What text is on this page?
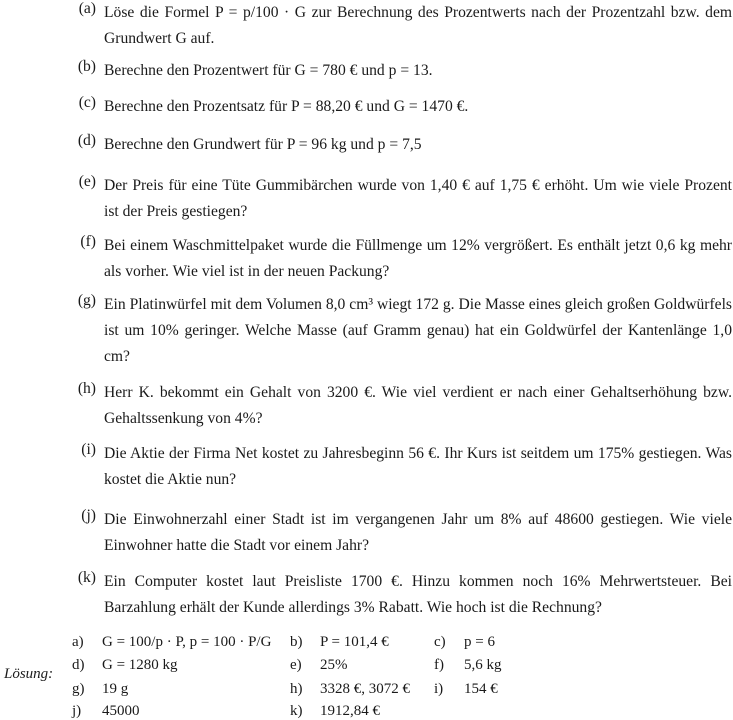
(a) Löse die Formel P = p/100 · G zur Berechnung des Prozentwerts nach der Prozentzahl bzw. dem Grundwert G auf.
(b) Berechne den Prozentwert für G = 780 € und p = 13.
(c) Berechne den Prozentsatz für P = 88,20 € und G = 1470 €.
(d) Berechne den Grundwert für P = 96 kg und p = 7,5
(e) Der Preis für eine Tüte Gummibärchen wurde von 1,40 € auf 1,75 € erhöht. Um wie viele Prozent ist der Preis gestiegen?
(f) Bei einem Waschmittelpaket wurde die Füllmenge um 12% vergrößert. Es enthält jetzt 0,6 kg mehr als vorher. Wie viel ist in der neuen Packung?
(g) Ein Platinwürfel mit dem Volumen 8,0 cm³ wiegt 172 g. Die Masse eines gleich großen Goldwürfels ist um 10% geringer. Welche Masse (auf Gramm genau) hat ein Goldwürfel der Kantenlänge 1,0 cm?
(h) Herr K. bekommt ein Gehalt von 3200 €. Wie viel verdient er nach einer Gehaltserhöhung bzw. Gehaltssenkung von 4%?
(i) Die Aktie der Firma Net kostet zu Jahresbeginn 56 €. Ihr Kurs ist seitdem um 175% gestiegen. Was kostet die Aktie nun?
(j) Die Einwohnerzahl einer Stadt ist im vergangenen Jahr um 8% auf 48600 gestiegen. Wie viele Einwohner hatte die Stadt vor einem Jahr?
(k) Ein Computer kostet laut Preisliste 1700 €. Hinzu kommen noch 16% Mehrwertsteuer. Bei Barzahlung erhält der Kunde allerdings 3% Rabatt. Wie hoch ist die Rechnung?
Lösung:
a) G = 100/p · P, p = 100 · P/G b) P = 101,4 €	c) p = 6
d) G = 1280 kg	e) 25%	f) 5,6 kg
g) 19 g	h) 3328 €, 3072 € i) 154 €
j) 45000	k) 1912,84 €
